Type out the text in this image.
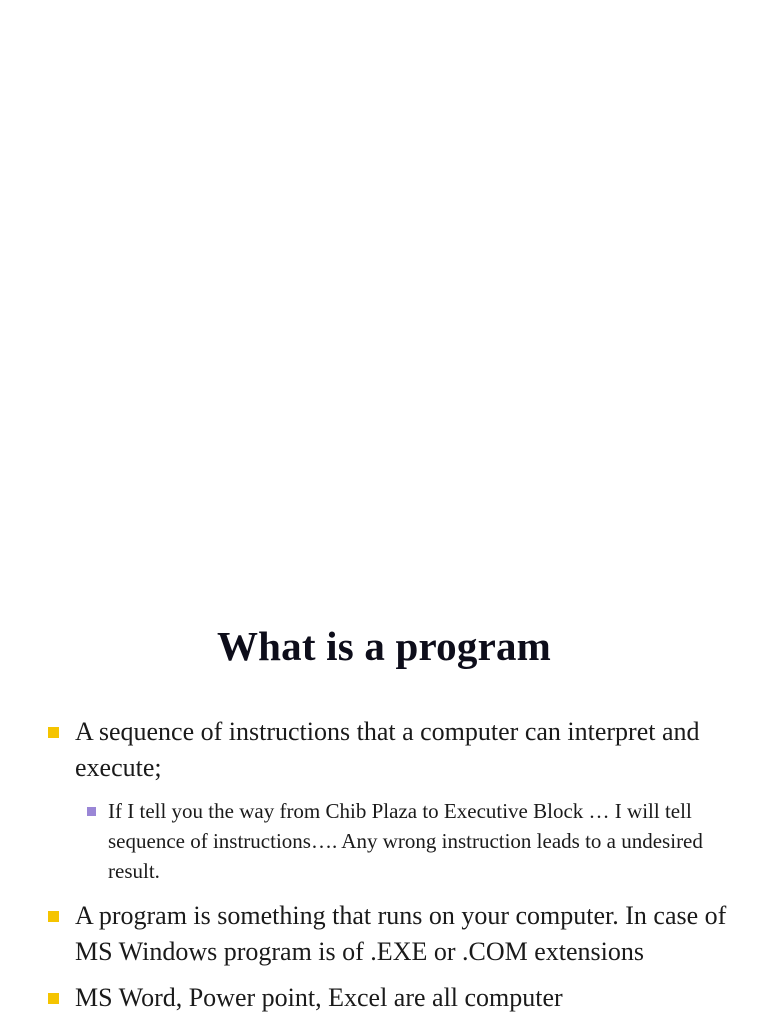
What is a program
A sequence of instructions that a computer can interpret and execute;
If I tell you the way from Chib Plaza to Executive Block … I will tell sequence of instructions…. Any wrong instruction leads to a undesired result.
A program is something that runs on your computer. In case of MS Windows program is of .EXE or .COM extensions
MS Word, Power point, Excel are all computer
